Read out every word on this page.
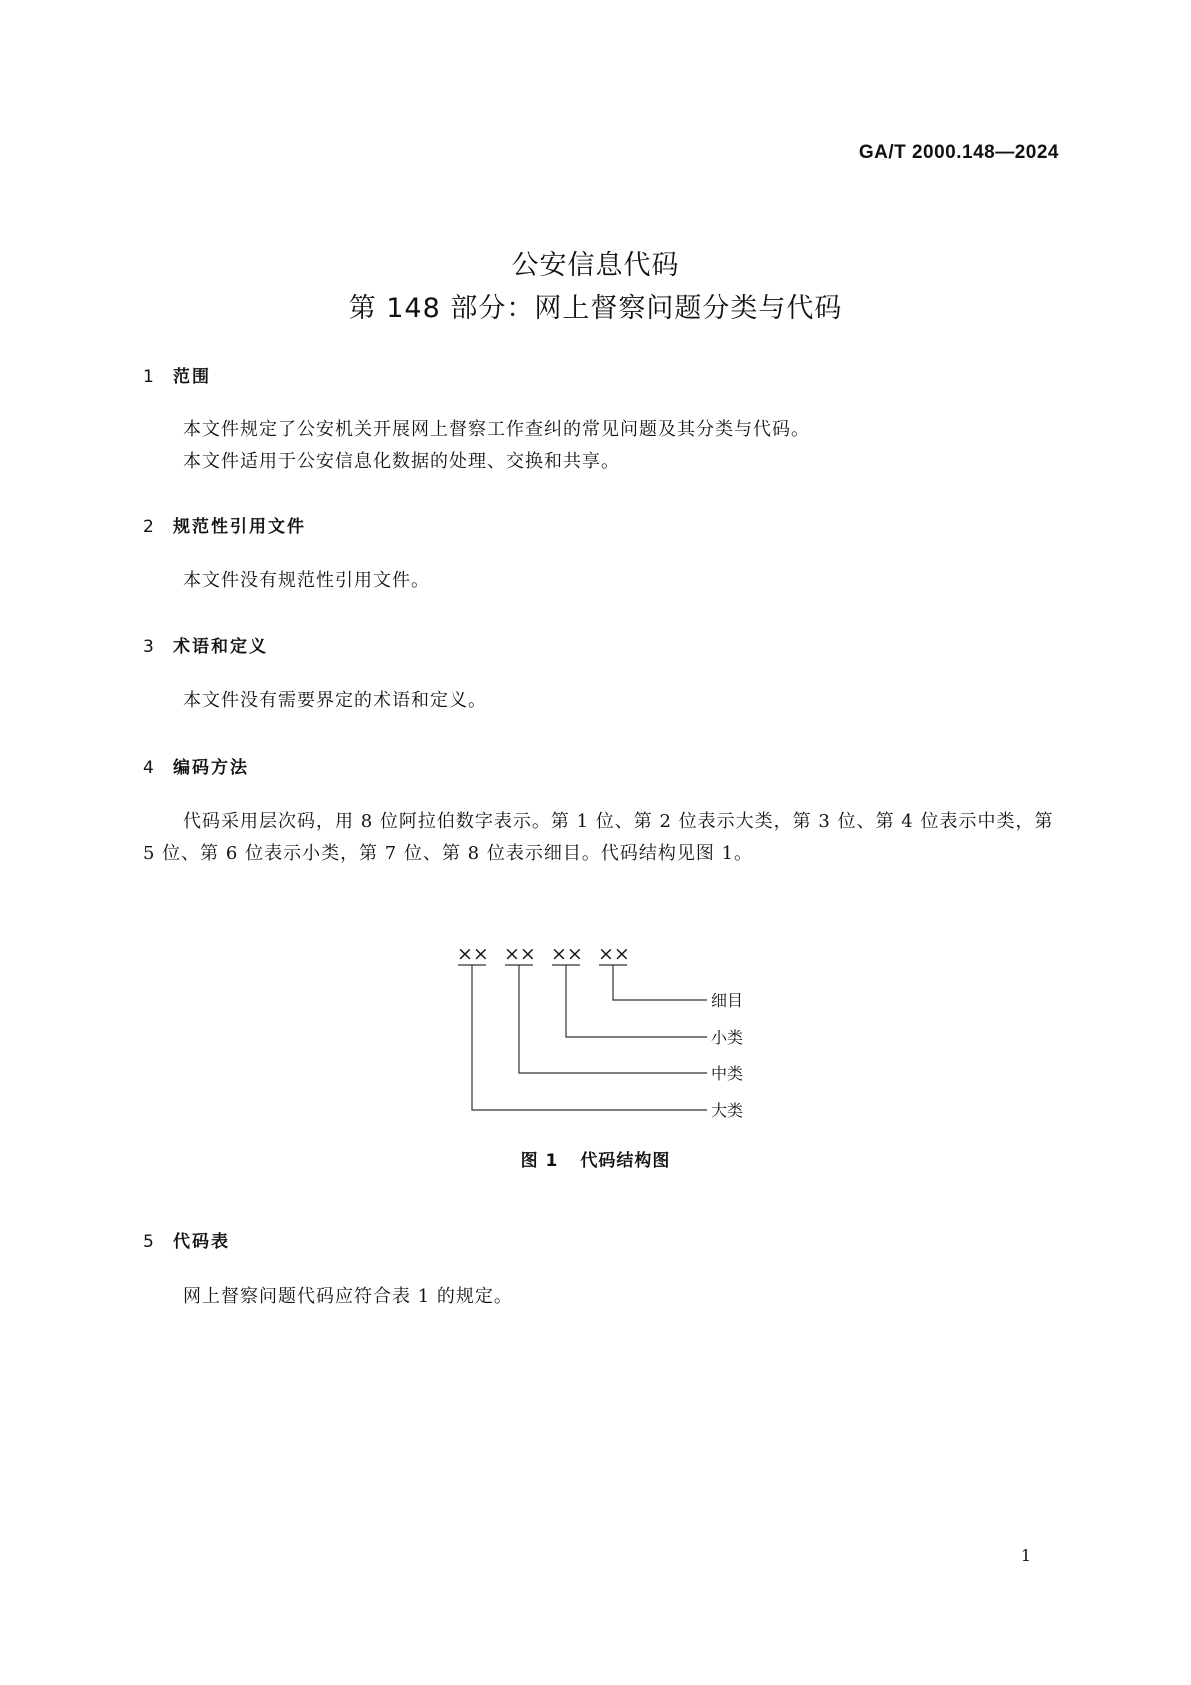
GA/T 2000.148—2024
公安信息代码
第 148 部分：网上督察问题分类与代码
1 范围
本文件规定了公安机关开展网上督察工作查纠的常见问题及其分类与代码。
本文件适用于公安信息化数据的处理、交换和共享。
2 规范性引用文件
本文件没有规范性引用文件。
3 术语和定义
本文件没有需要界定的术语和定义。
4 编码方法
代码采用层次码，用 8 位阿拉伯数字表示。第 1 位、第 2 位表示大类，第 3 位、第 4 位表示中类，第 5 位、第 6 位表示小类，第 7 位、第 8 位表示细目。代码结构见图 1。
×× ×× ×× ××
细目
小类
中类
大类
图 1 代码结构图
5 代码表
网上督察问题代码应符合表 1 的规定。
1
